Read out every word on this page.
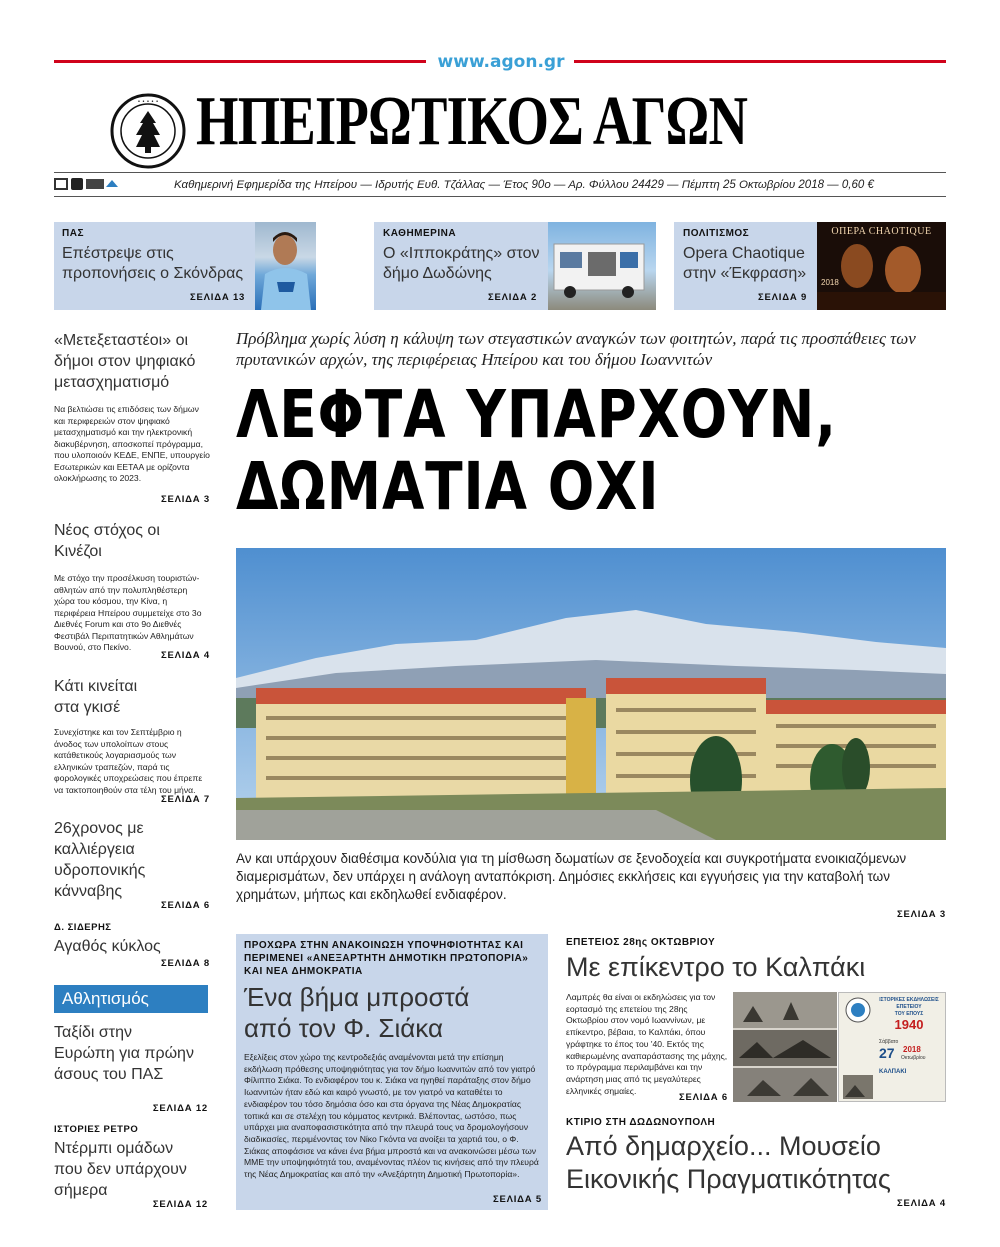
www.agon.gr
• • • • • ΗΠΕΙΡΩΤΙΚΟΣ ΑΓΩΝ
Καθημερινή Εφημερίδα της Ηπείρου — Ιδρυτής Ευθ. Τζάλλας — Έτος 90ο — Αρ. Φύλλου 24429 — Πέμπτη 25 Οκτωβρίου 2018 — 0,60 €
ΠΑΣ
Επέστρεψε στις προπονήσεις ο Σκόνδρας
ΣΕΛΙΔΑ 13
ΚΑΘΗΜΕΡΙΝΑ
Ο «Ιπποκράτης» στον δήμο Δωδώνης
ΣΕΛΙΔΑ 2
ΠΟΛΙΤΙΣΜΟΣ
Opera Chaotique στην «Έκφραση»
ΣΕΛΙΔΑ 9
ΟΠΕΡΑ CHAOTIQUE
2018
«Μετεξεταστέοι» οι δήμοι στον ψηφιακό μετασχηματισμό
Να βελτιώσει τις επιδόσεις των δήμων και περιφερειών στον ψηφιακό μετασχηματισμό και την ηλεκτρονική διακυβέρνηση, αποσκοπεί πρόγραμμα, που υλοποιούν ΚΕΔΕ, ΕΝΠΕ, υπουργείο Εσωτερικών και ΕΕΤΑΑ με ορίζοντα ολοκλήρωσης το 2023.
ΣΕΛΙΔΑ 3
Νέος στόχος οι Κινέζοι
Με στόχο την προσέλκυση τουριστών- αθλητών από την πολυπληθέστερη χώρα του κόσμου, την Κίνα, η περιφέρεια Ηπείρου συμμετείχε στο 3ο Διεθνές Forum και στο 9ο Διεθνές Φεστιβάλ Περιπατητικών Αθλημάτων Βουνού, στο Πεκίνο.
ΣΕΛΙΔΑ 4
Κάτι κινείται στα γκισέ
Συνεχίστηκε και τον Σεπτέμβριο η άνοδος των υπολοίπων στους κατάθετικούς λογαριασμούς των ελληνικών τραπεζών, παρά τις φορολογικές υποχρεώσεις που έπρεπε να τακτοποιηθούν στα τέλη του μήνα.
ΣΕΛΙΔΑ 7
26χρονος με καλλιέργεια υδροπονικής κάνναβης
ΣΕΛΙΔΑ 6
Δ. ΣΙΔΕΡΗΣ
Αγαθός κύκλος
ΣΕΛΙΔΑ 8
Αθλητισμός
Ταξίδι στην Ευρώπη για πρώην άσους του ΠΑΣ
ΣΕΛΙΔΑ 12
ΙΣΤΟΡΙΕΣ ΡΕΤΡΟ
Ντέρμπι ομάδων που δεν υπάρχουν σήμερα
ΣΕΛΙΔΑ 12
Πρόβλημα χωρίς λύση η κάλυψη των στεγαστικών αναγκών των φοιτητών, παρά τις προσπάθειες των πρυτανικών αρχών, της περιφέρειας Ηπείρου και του δήμου Ιωαννιτών
ΛΕΦΤΑ ΥΠΑΡΧΟΥΝ,
ΔΩΜΑΤΙΑ ΟΧΙ
Αν και υπάρχουν διαθέσιμα κονδύλια για τη μίσθωση δωματίων σε ξενοδοχεία και συγκροτήματα ενοικιαζόμενων διαμερισμάτων, δεν υπάρχει η ανάλογη ανταπόκριση. Δημόσιες εκκλήσεις και εγγυήσεις για την καταβολή των χρημάτων, μήπως και εκδηλωθεί ενδιαφέρον.
ΣΕΛΙΔΑ 3
ΠΡΟΧΩΡΑ ΣΤΗΝ ΑΝΑΚΟΙΝΩΣΗ ΥΠΟΨΗΦΙΟΤΗΤΑΣ ΚΑΙ ΠΕΡΙΜΕΝΕΙ «ΑΝΕΞΑΡΤΗΤΗ ΔΗΜΟΤΙΚΗ ΠΡΩΤΟΠΟΡΙΑ» ΚΑΙ ΝΕΑ ΔΗΜΟΚΡΑΤΙΑ
Ένα βήμα μπροστά από τον Φ. Σιάκα
Εξελίξεις στον χώρο της κεντροδεξιάς αναμένονται μετά την επίσημη εκδήλωση πρόθεσης υποψηφιότητας για τον δήμο Ιωαννιτών από τον γιατρό Φίλιππο Σιάκα. Το ενδιαφέρον του κ. Σιάκα να ηγηθεί παράταξης στον δήμο Ιωαννιτών ήταν εδώ και καιρό γνωστό, με τον γιατρό να καταθέτει το ενδιαφέρον του τόσο δημόσια όσο και στα όργανα της Νέας Δημοκρατίας τοπικά και σε στελέχη του κόμματος κεντρικά. Βλέποντας, ωστόσο, πως υπάρχει μια αναποφασιστικότητα από την πλευρά τους να δρομολογήσουν διαδικασίες, περιμένοντας τον Νίκο Γκόντα να ανοίξει τα χαρτιά του, ο Φ. Σιάκας αποφάσισε να κάνει ένα βήμα μπροστά και να ανακοινώσει μέσω των ΜΜΕ την υποψηφιότητά του, αναμένοντας πλέον τις κινήσεις από την πλευρά της Νέας Δημοκρατίας και από την «Ανεξάρτητη Δημοτική Πρωτοπορία».
ΣΕΛΙΔΑ 5
ΕΠΕΤΕΙΟΣ 28ης ΟΚΤΩΒΡΙΟΥ
Με επίκεντρο το Καλπάκι
Λαμπρές θα είναι οι εκδηλώσεις για τον εορτασμό της επετείου της 28ης Οκτωβρίου στον νομό Ιωαννίνων, με επίκεντρο, βέβαια, το Καλπάκι, όπου γράφτηκε το έπος του '40. Εκτός της καθιερωμένης αναπαράστασης της μάχης, το πρόγραμμα περιλαμβάνει και την ανάρτηση μιας από τις μεγαλύτερες ελληνικές σημαίες.
ΣΕΛΙΔΑ 6
ΙΣΤΟΡΙΚΕΣ ΕΚΔΗΛΩΣΕΙΣ
ΕΠΕΤΕΙΟΥ
ΤΟΥ ΕΠΟΥΣ
1940
Σάββατο
27 2018
Οκτωβρίου
ΚΑΛΠΑΚΙ
ΚΤΙΡΙΟ ΣΤΗ ΔΩΔΩΝΟΥΠΟΛΗ
Από δημαρχείο... Μουσείο Εικονικής Πραγματικότητας
ΣΕΛΙΔΑ 4
